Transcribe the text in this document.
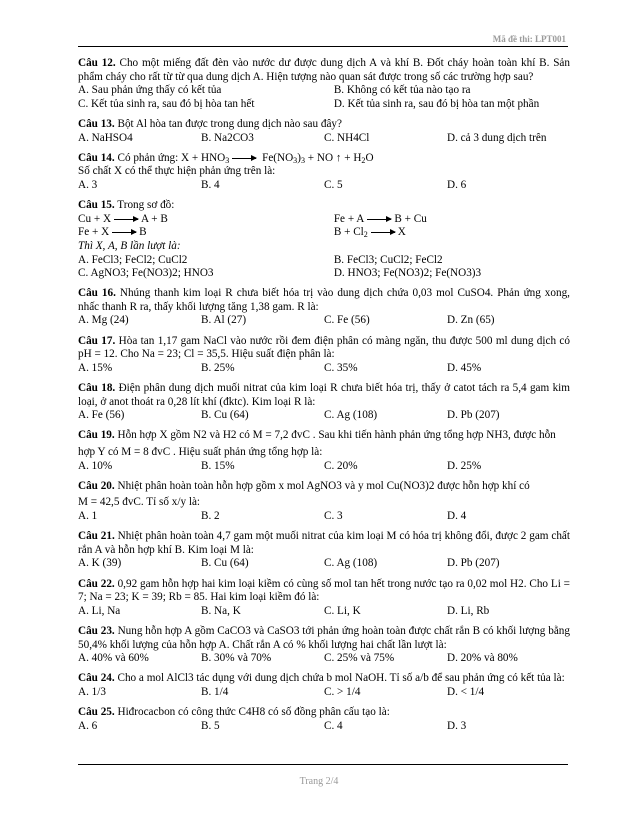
Mã đề thi: LPT001
Câu 12. Cho một miếng đất đèn vào nước dư được dung dịch A và khí B. Đốt cháy hoàn toàn khí B. Sản phẩm cháy cho rất từ từ qua dung dịch A. Hiện tượng nào quan sát được trong số các trường hợp sau?
A. Sau phản ứng thấy có kết tủa	B. Không có kết tủa nào tạo ra
C. Kết tủa sinh ra, sau đó bị hòa tan hết	D. Kết tủa sinh ra, sau đó bị hòa tan một phần
Câu 13. Bột Al hòa tan được trong dung dịch nào sau đây?
A. NaHSO4	B. Na2CO3	C. NH4Cl	D. cả 3 dung dịch trên
Câu 14. Có phản ứng: $X + HNO_3 \to Fe(NO_3)_3$ + NO ↑ + $H_2O$
Số chất X có thể thực hiện phản ứng trên là:
A. 3	B. 4	C. 5	D. 6
Câu 15. Trong sơ đồ:
Cu + X → A + B	Fe + A → B + Cu
Fe + X → B	$B + Cl_2 \to X$
Thì X, A, B lần lượt là:
A. FeCl3; FeCl2; CuCl2	B. FeCl3; CuCl2; FeCl2
C. AgNO3; Fe(NO3)2; HNO3	D. HNO3; Fe(NO3)2; Fe(NO3)3
Câu 16. Nhúng thanh kim loại R chưa biết hóa trị vào dung dịch chứa 0,03 mol CuSO4. Phản ứng xong, nhấc thanh R ra, thấy khối lượng tăng 1,38 gam. R là:
A. Mg (24)	B. Al (27)	C. Fe (56)	D. Zn (65)
Câu 17. Hòa tan 1,17 gam NaCl vào nước rồi đem điện phân có màng ngăn, thu được 500 ml dung dịch có pH = 12. Cho Na = 23; Cl = 35,5. Hiệu suất điện phân là:
A. 15%	B. 25%	C. 35%	D. 45%
Câu 18. Điện phân dung dịch muối nitrat của kim loại R chưa biết hóa trị, thấy ở catot tách ra 5,4 gam kim loại, ở anot thoát ra 0,28 lít khí (đktc). Kim loại R là:
A. Fe (56)	B. Cu (64)	C. Ag (108)	D. Pb (207)
Câu 19. Hỗn hợp X gồm N2 và H2 có M = 7,2 đvC . Sau khi tiến hành phản ứng tổng hợp NH3, được hỗn
hợp Y có M = 8 đvC . Hiệu suất phản ứng tổng hợp là:
A. 10%	B. 15%	C. 20%	D. 25%
Câu 20. Nhiệt phân hoàn toàn hỗn hợp gồm x mol AgNO3 và y mol Cu(NO3)2 được hỗn hợp khí có
M = 42,5 đvC. Tỉ số x/y là:
A. 1	B. 2	C. 3	D. 4
Câu 21. Nhiệt phân hoàn toàn 4,7 gam một muối nitrat của kim loại M có hóa trị không đổi, được 2 gam chất rắn A và hỗn hợp khí B. Kim loại M là:
A. K (39)	B. Cu (64)	C. Ag (108)	D. Pb (207)
Câu 22. 0,92 gam hỗn hợp hai kim loại kiềm có cùng số mol tan hết trong nước tạo ra 0,02 mol H2. Cho Li = 7; Na = 23; K = 39; Rb = 85. Hai kim loại kiềm đó là:
A. Li, Na	B. Na, K	C. Li, K	D. Li, Rb
Câu 23. Nung hỗn hợp A gồm CaCO3 và CaSO3 tới phản ứng hoàn toàn được chất rắn B có khối lượng bằng 50,4% khối lượng của hỗn hợp A. Chất rắn A có % khối lượng hai chất lần lượt là:
A. 40% và 60%	B. 30% và 70%	C. 25% và 75%	D. 20% và 80%
Câu 24. Cho a mol AlCl3 tác dụng với dung dịch chứa b mol NaOH. Tỉ số a/b để sau phản ứng có kết tủa là:
A. 1/3	B. 1/4	C. > 1/4	D. < 1/4
Câu 25. Hiđrocacbon có công thức C4H8 có số đồng phân cấu tạo là:
A. 6	B. 5	C. 4	D. 3
Trang 2/4
